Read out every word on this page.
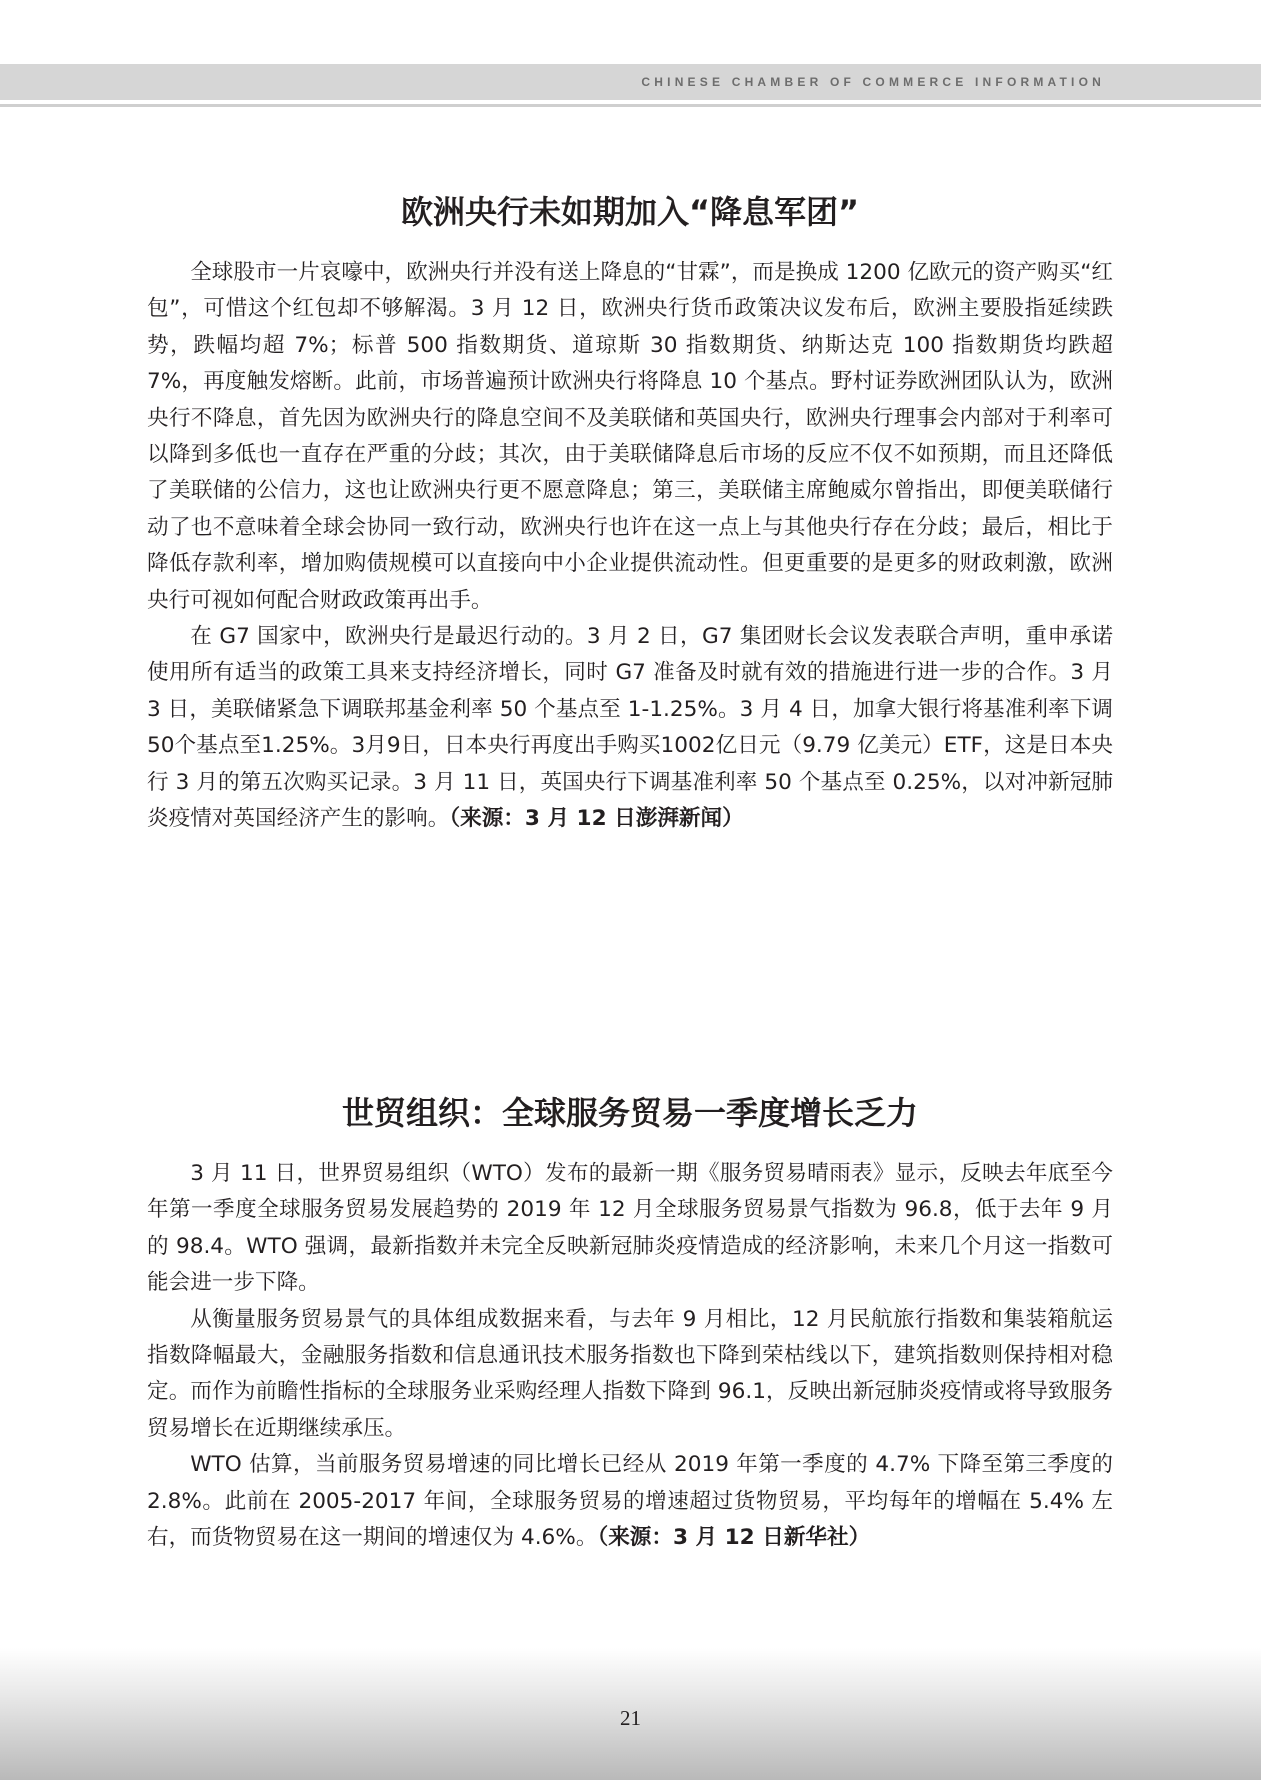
CHINESE CHAMBER OF COMMERCE INFORMATION
欧洲央行未如期加入“降息军团”

全球股市一片哀嚎中，欧洲央行并没有送上降息的“甘霖”，而是换成 1200 亿欧元的资产购买“红包”，可惜这个红包却不够解渴。3 月 12 日，欧洲央行货币政策决议发布后，欧洲主要股指延续跌势，跌幅均超 7%；标普 500 指数期货、道琼斯 30 指数期货、纳斯达克 100 指数期货均跌超 7%，再度触发熔断。此前，市场普遍预计欧洲央行将降息 10 个基点。野村证券欧洲团队认为，欧洲央行不降息，首先因为欧洲央行的降息空间不及美联储和英国央行，欧洲央行理事会内部对于利率可以降到多低也一直存在严重的分歧；其次，由于美联储降息后市场的反应不仅不如预期，而且还降低了美联储的公信力，这也让欧洲央行更不愿意降息；第三，美联储主席鲍威尔曾指出，即便美联储行动了也不意味着全球会协同一致行动，欧洲央行也许在这一点上与其他央行存在分歧；最后，相比于降低存款利率，增加购债规模可以直接向中小企业提供流动性。但更重要的是更多的财政刺激，欧洲央行可视如何配合财政政策再出手。

在 G7 国家中，欧洲央行是最迟行动的。3 月 2 日，G7 集团财长会议发表联合声明，重申承诺使用所有适当的政策工具来支持经济增长，同时 G7 准备及时就有效的措施进行进一步的合作。3 月 3 日，美联储紧急下调联邦基金利率 50 个基点至 1-1.25%。3 月 4 日，加拿大银行将基准利率下调50个基点至1.25%。3月9日，日本央行再度出手购买1002亿日元（9.79 亿美元）ETF，这是日本央行 3 月的第五次购买记录。3 月 11 日，英国央行下调基准利率 50 个基点至 0.25%，以对冲新冠肺炎疫情对英国经济产生的影响。（来源：3 月 12 日澎湃新闻）

世贸组织：全球服务贸易一季度增长乏力

3 月 11 日，世界贸易组织（WTO）发布的最新一期《服务贸易晴雨表》显示，反映去年底至今年第一季度全球服务贸易发展趋势的 2019 年 12 月全球服务贸易景气指数为 96.8，低于去年 9 月的 98.4。WTO 强调，最新指数并未完全反映新冠肺炎疫情造成的经济影响，未来几个月这一指数可能会进一步下降。

从衡量服务贸易景气的具体组成数据来看，与去年 9 月相比，12 月民航旅行指数和集装箱航运指数降幅最大，金融服务指数和信息通讯技术服务指数也下降到荣枯线以下，建筑指数则保持相对稳定。而作为前瞻性指标的全球服务业采购经理人指数下降到 96.1，反映出新冠肺炎疫情或将导致服务贸易增长在近期继续承压。

WTO 估算，当前服务贸易增速的同比增长已经从 2019 年第一季度的 4.7% 下降至第三季度的 2.8%。此前在 2005-2017 年间，全球服务贸易的增速超过货物贸易，平均每年的增幅在 5.4% 左右，而货物贸易在这一期间的增速仅为 4.6%。（来源：3 月 12 日新华社）

21
